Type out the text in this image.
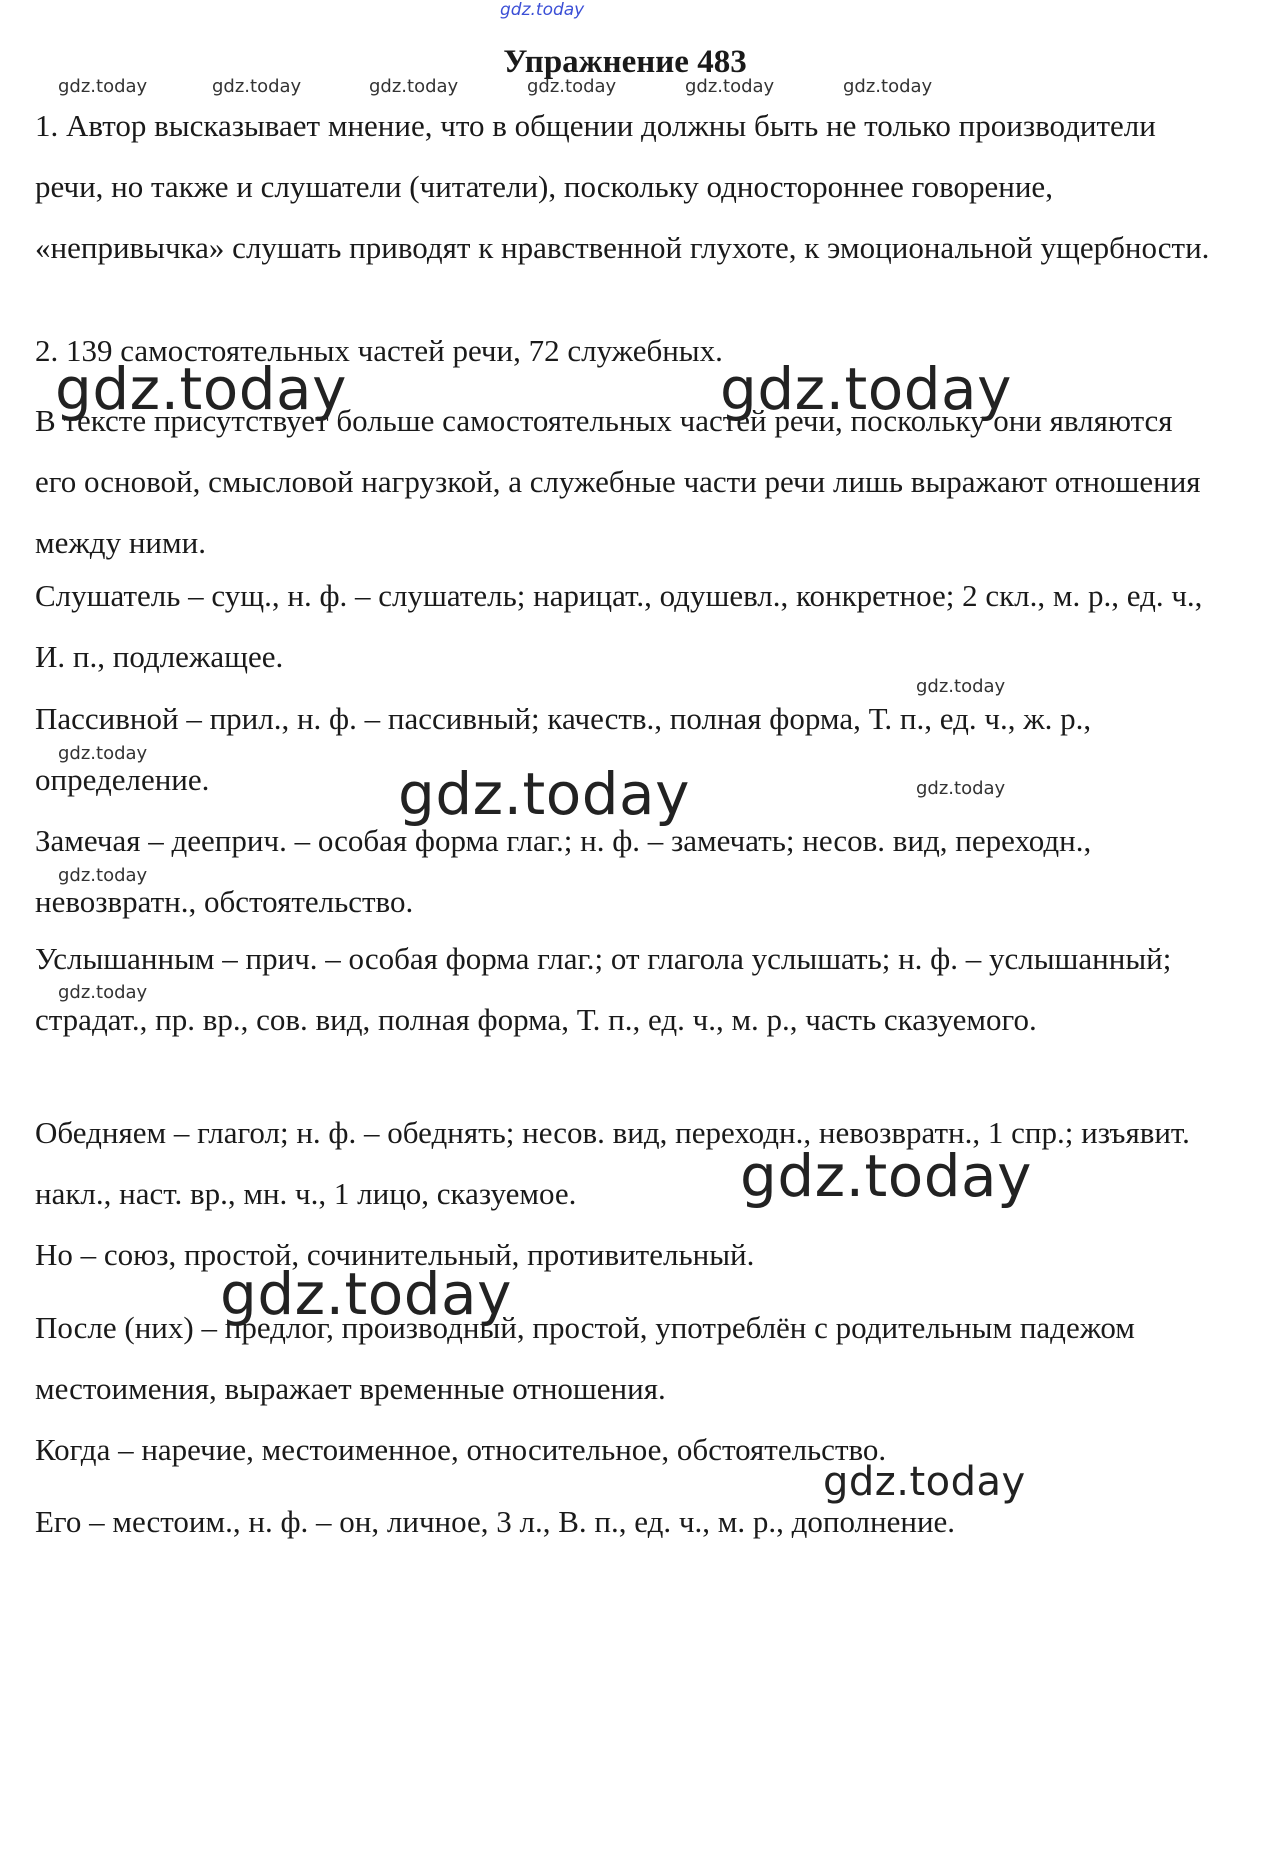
gdz.today
Упражнение 483
gdz.today	gdz.today	gdz.today	gdz.today	gdz.today	gdz.today

1. Автор высказывает мнение, что в общении должны быть не только производители речи, но также и слушатели (читатели), поскольку одностороннее говорение, «непривычка» слушать приводят к нравственной глухоте, к эмоциональной ущербности.

2. 139 самостоятельных частей речи, 72 служебных.

В тексте присутствует больше самостоятельных частей речи, поскольку они являются его основой, смысловой нагрузкой, а служебные части речи лишь выражают отношения между ними.

Слушатель – сущ., н. ф. – слушатель; нарицат., одушевл., конкретное; 2 скл., м. р., ед. ч., И. п., подлежащее.

Пассивной – прил., н. ф. – пассивный; качеств., полная форма, Т. п., ед. ч., ж. р., определение.

Замечая – дееприч. – особая форма глаг.; н. ф. – замечать; несов. вид, переходн., невозвратн., обстоятельство.

Услышанным – прич. – особая форма глаг.; от глагола услышать; н. ф. – услышанный; страдат., пр. вр., сов. вид, полная форма, Т. п., ед. ч., м. р., часть сказуемого.

Обедняем – глагол; н. ф. – обеднять; несов. вид, переходн., невозвратн., 1 спр.; изъявит. накл., наст. вр., мн. ч., 1 лицо, сказуемое.

Но – союз, простой, сочинительный, противительный.

После (них) – предлог, производный, простой, употреблён с родительным падежом местоимения, выражает временные отношения.

Когда – наречие, местоименное, относительное, обстоятельство.

Его – местоим., н. ф. – он, личное, 3 л., В. п., ед. ч., м. р., дополнение.

gdz.today	gdz.today
gdz.today
gdz.today
gdz.today
gdz.today
gdz.today
gdz.today
gdz.today
gdz.today
gdz.today
